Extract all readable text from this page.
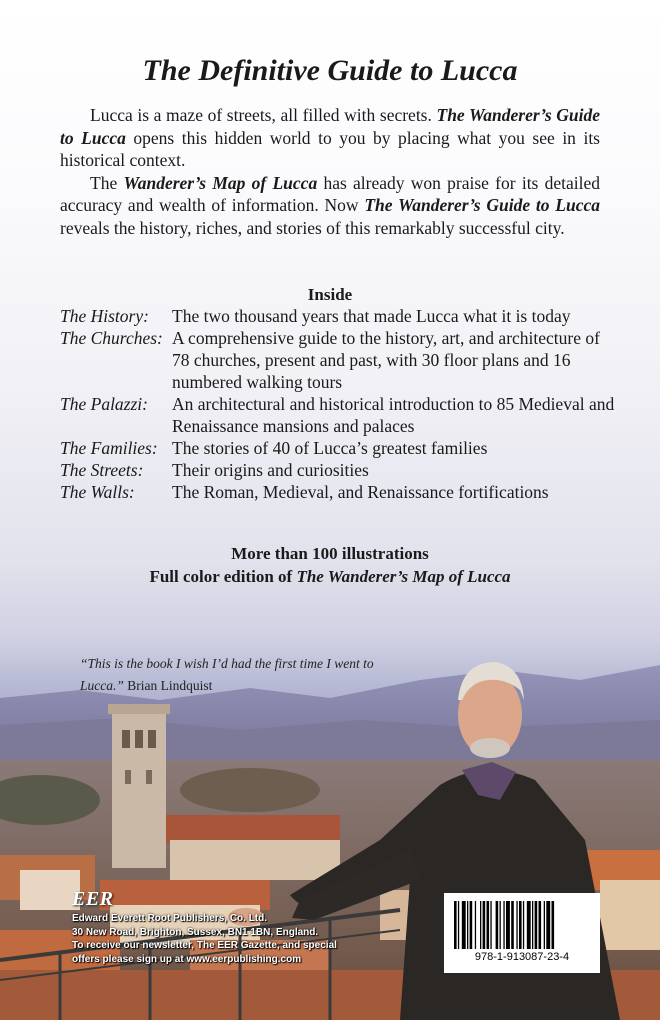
The Definitive Guide to Lucca

Lucca is a maze of streets, all filled with secrets. The Wanderer’s Guide to Lucca opens this hidden world to you by placing what you see in its historical context.

The Wanderer’s Map of Lucca has already won praise for its detailed accuracy and wealth of information. Now The Wanderer’s Guide to Lucca reveals the history, riches, and stories of this remarkably successful city.

Inside
The History:	The two thousand years that made Lucca what it is today
The Churches: A comprehensive guide to the history, art, and architecture of 78 churches, present and past, with 30 floor plans and 16 numbered walking tours
The Palazzi:	An architectural and historical introduction to 85 Medieval and Renaissance mansions and palaces
The Families: The stories of 40 of Lucca’s greatest families
The Streets:	Their origins and curiosities
The Walls:	The Roman, Medieval, and Renaissance fortifications
More than 100 illustrations
Full color edition of The Wanderer’s Map of Lucca
“This is the book I wish I’d had the first time I went to Lucca.” Brian Lindquist
EER
Edward Everett Root Publishers, Co. Ltd.
30 New Road, Brighton, Sussex, BN1 1BN, England.
To receive our newsletter, The EER Gazette, and special
offers please sign up at www.eerpublishing.com	978-1-913087-23-4
